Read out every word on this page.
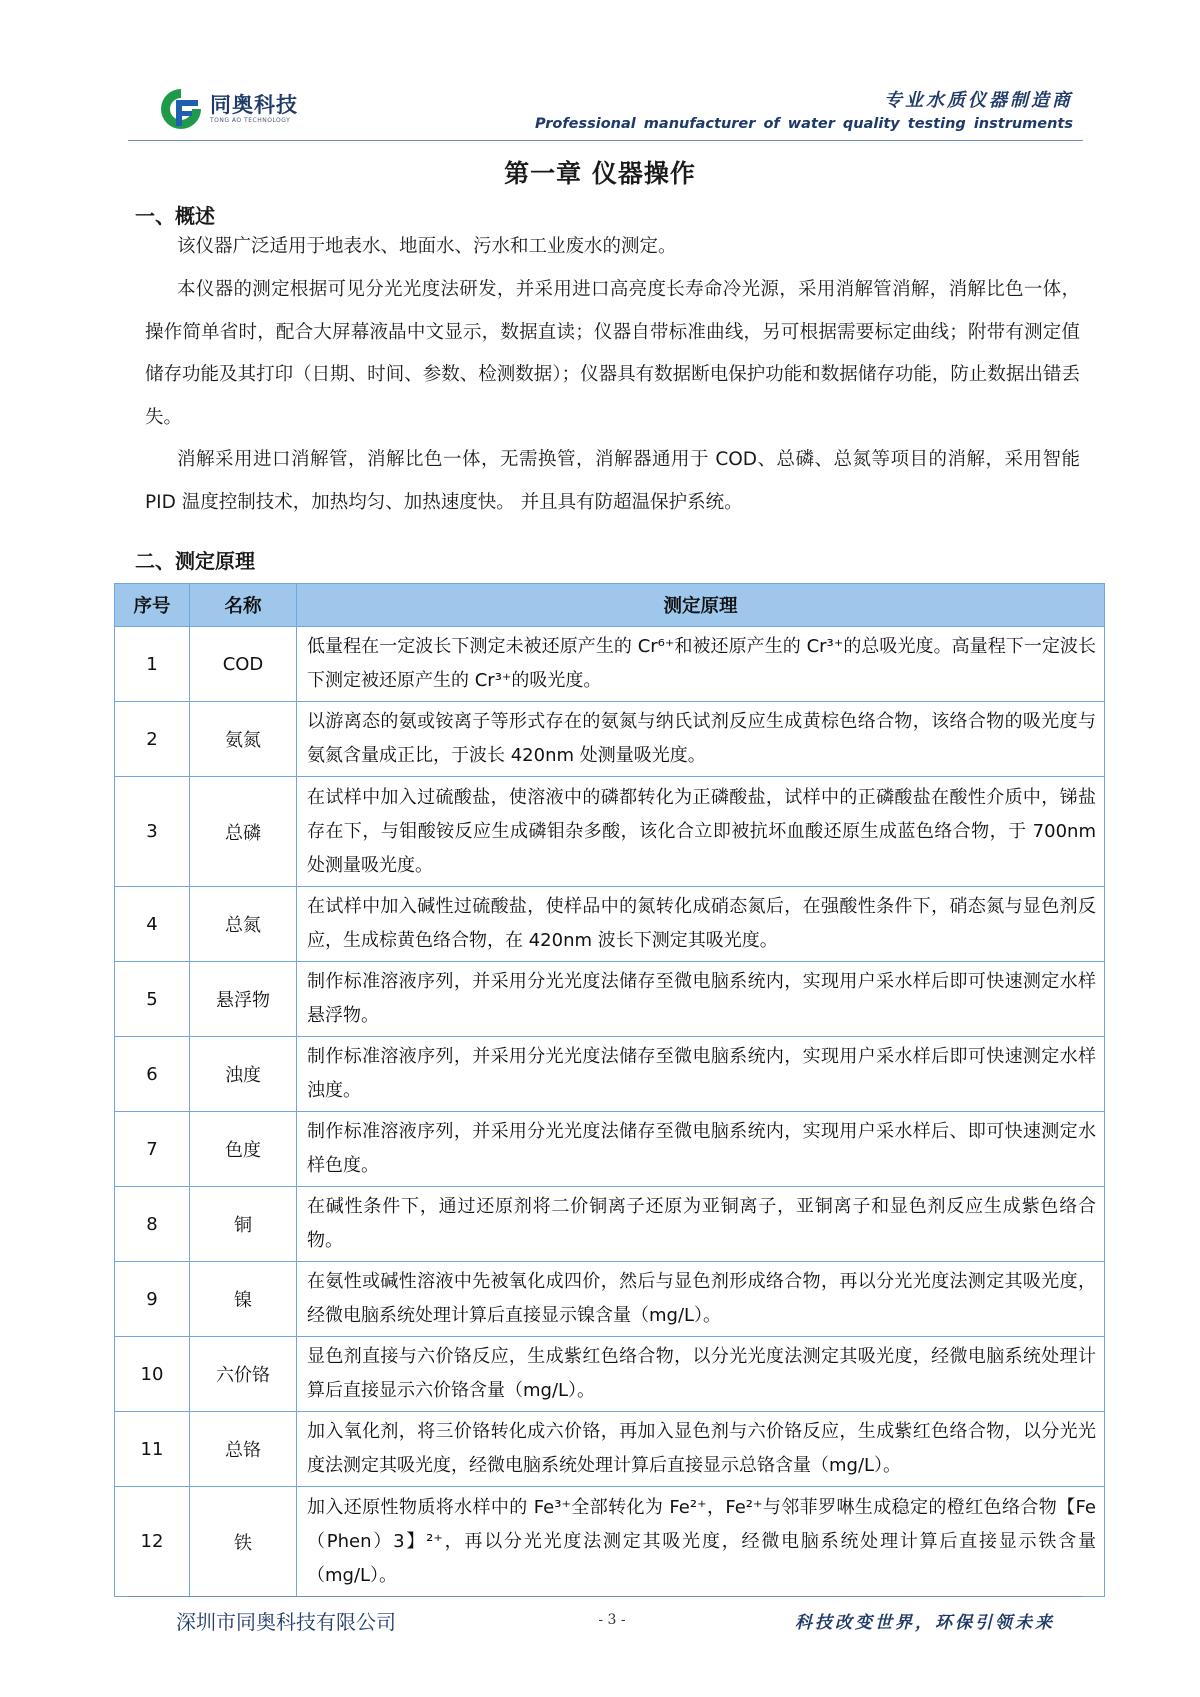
同奥科技
TONG AO TECHNOLOGY
专业水质仪器制造商
Professional manufacturer of water quality testing instruments
第一章 仪器操作
一、概述

该仪器广泛适用于地表水、地面水、污水和工业废水的测定。

本仪器的测定根据可见分光光度法研发，并采用进口高亮度长寿命冷光源，采用消解管消解，消解比色一体，操作简单省时，配合大屏幕液晶中文显示，数据直读；仪器自带标准曲线，另可根据需要标定曲线；附带有测定值储存功能及其打印（日期、时间、参数、检测数据）；仪器具有数据断电保护功能和数据储存功能，防止数据出错丢失。

消解采用进口消解管，消解比色一体，无需换管，消解器通用于 COD、总磷、总氮等项目的消解，采用智能 PID 温度控制技术，加热均匀、加热速度快。 并且具有防超温保护系统。

二、测定原理
序号	名称	测定原理
1	COD	低量程在一定波长下测定未被还原产生的 Cr⁶⁺和被还原产生的 Cr³⁺的总吸光度。高量程下一定波长下测定被还原产生的 Cr³⁺的吸光度。
2	氨氮	以游离态的氨或铵离子等形式存在的氨氮与纳氏试剂反应生成黄棕色络合物，该络合物的吸光度与氨氮含量成正比，于波长 420nm 处测量吸光度。
3	总磷	在试样中加入过硫酸盐，使溶液中的磷都转化为正磷酸盐，试样中的正磷酸盐在酸性介质中，锑盐存在下，与钼酸铵反应生成磷钼杂多酸，该化合立即被抗坏血酸还原生成蓝色络合物，于 700nm 处测量吸光度。
4	总氮	在试样中加入碱性过硫酸盐，使样品中的氮转化成硝态氮后，在强酸性条件下，硝态氮与显色剂反应，生成棕黄色络合物，在 420nm 波长下测定其吸光度。
5	悬浮物	制作标准溶液序列，并采用分光光度法储存至微电脑系统内，实现用户采水样后即可快速测定水样悬浮物。
6	浊度	制作标准溶液序列，并采用分光光度法储存至微电脑系统内，实现用户采水样后即可快速测定水样浊度。
7	色度	制作标准溶液序列，并采用分光光度法储存至微电脑系统内，实现用户采水样后、即可快速测定水样色度。
8	铜	在碱性条件下，通过还原剂将二价铜离子还原为亚铜离子，亚铜离子和显色剂反应生成紫色络合物。
9	镍	在氨性或碱性溶液中先被氧化成四价，然后与显色剂形成络合物，再以分光光度法测定其吸光度，经微电脑系统处理计算后直接显示镍含量（mg/L）。
10	六价铬	显色剂直接与六价铬反应，生成紫红色络合物，以分光光度法测定其吸光度，经微电脑系统处理计算后直接显示六价铬含量（mg/L）。
11	总铬	加入氧化剂，将三价铬转化成六价铬，再加入显色剂与六价铬反应，生成紫红色络合物，以分光光度法测定其吸光度，经微电脑系统处理计算后直接显示总铬含量（mg/L）。
12	铁	加入还原性物质将水样中的 Fe³⁺全部转化为 Fe²⁺，Fe²⁺与邻菲罗啉生成稳定的橙红色络合物【Fe（Phen）3】²⁺，再以分光光度法测定其吸光度，经微电脑系统处理计算后直接显示铁含量（mg/L）。
深圳市同奥科技有限公司	- 3 -	科技改变世界，环保引领未来
